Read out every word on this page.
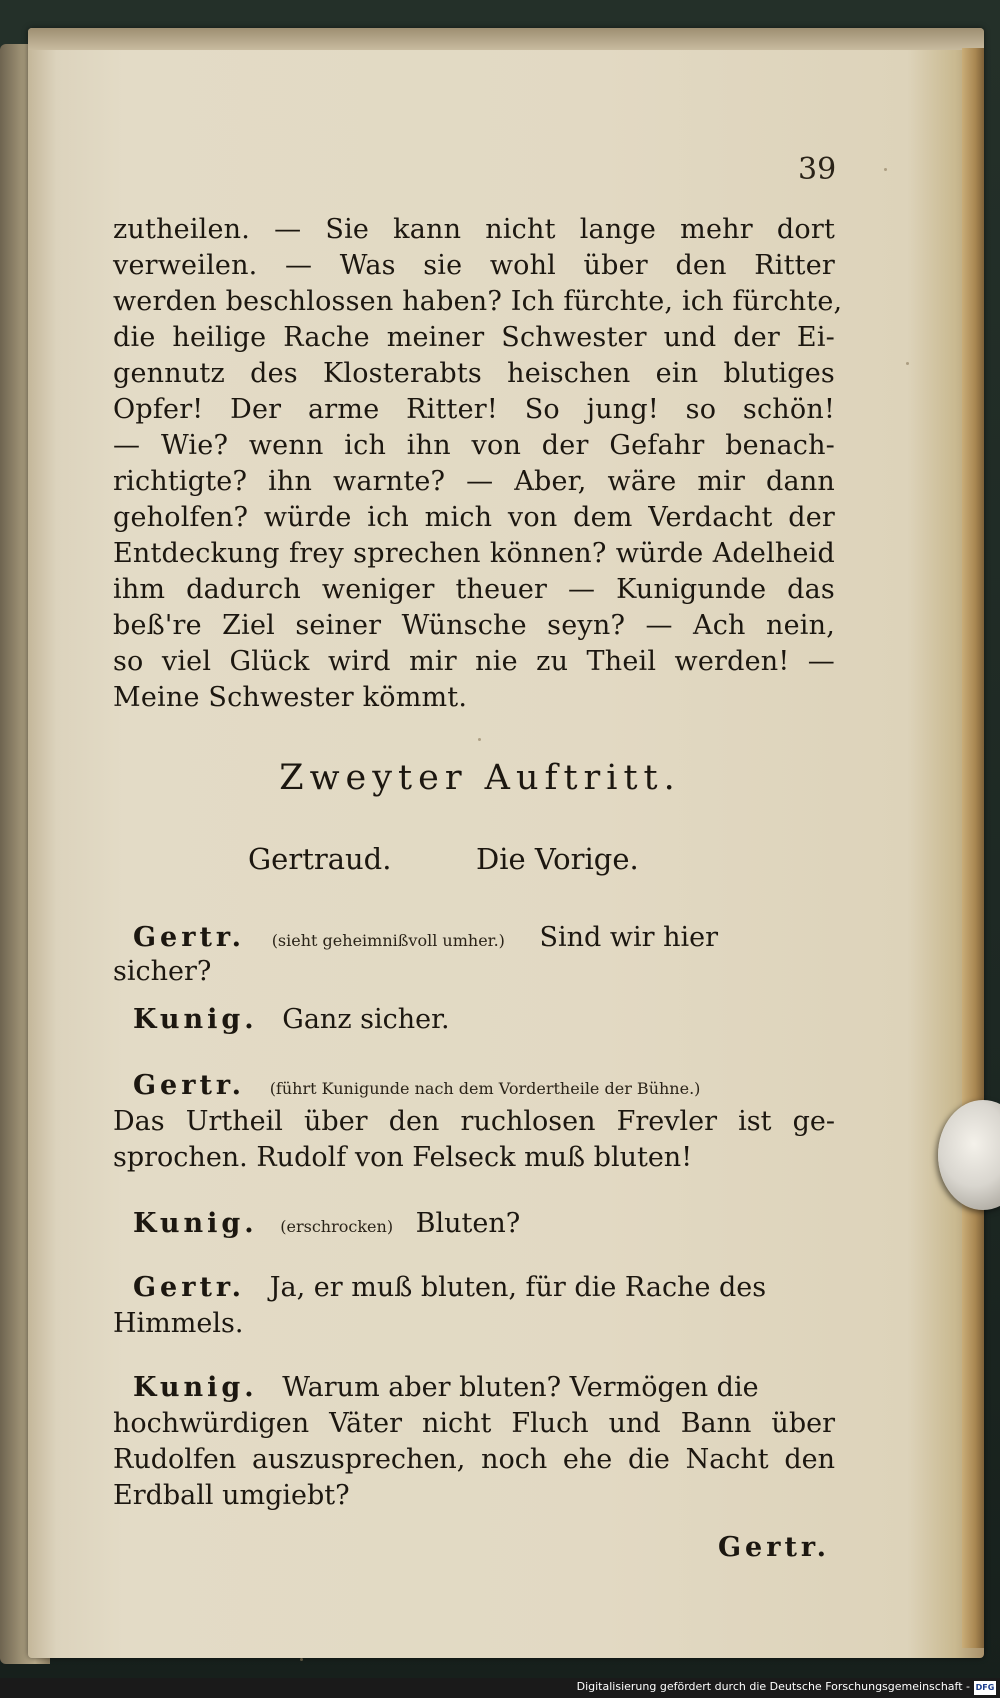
39
zutheilen. — Sie kann nicht lange mehr dort
verweilen. — Was sie wohl über den Ritter
werden beschlossen haben? Ich fürchte, ich fürchte,
die heilige Rache meiner Schwester und der Ei-
gennutz des Klosterabts heischen ein blutiges
Opfer! Der arme Ritter! So jung! so schön!
— Wie? wenn ich ihn von der Gefahr benach-
richtigte? ihn warnte? — Aber, wäre mir dann
geholfen? würde ich mich von dem Verdacht der
Entdeckung frey sprechen können? würde Adelheid
ihm dadurch weniger theuer — Kunigunde das
beß're Ziel seiner Wünsche seyn? — Ach nein,
so viel Glück wird mir nie zu Theil werden! —
Meine Schwester kömmt.
Zweyter Auftritt.
Gertraud.	Die Vorige.
Gertr. (sieht geheimnißvoll umher.) Sind wir hier
sicher?
Kunig. Ganz sicher.
Gertr. (führt Kunigunde nach dem Vordertheile der Bühne.)
Das Urtheil über den ruchlosen Frevler ist ge-
sprochen. Rudolf von Felseck muß bluten!
Kunig. (erschrocken) Bluten?
Gertr. Ja, er muß bluten, für die Rache des
Himmels.
Kunig. Warum aber bluten? Vermögen die
hochwürdigen Väter nicht Fluch und Bann über
Rudolfen auszusprechen, noch ehe die Nacht den
Erdball umgiebt?
Gertr.
Digitalisierung gefördert durch die Deutsche Forschungsgemeinschaft - DFG
